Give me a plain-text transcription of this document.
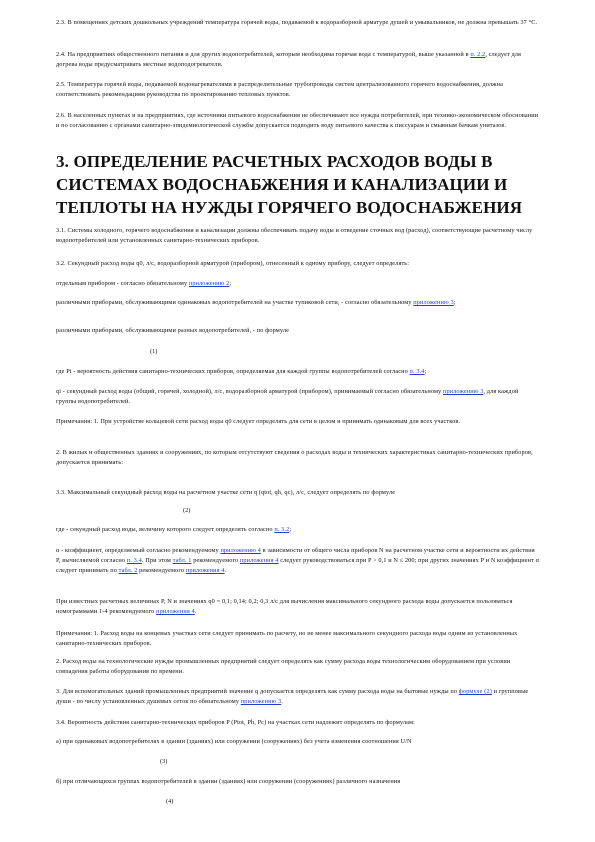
2.3. В помещениях детских дошкольных учреждений температура горячей воды, подаваемой к водоразборной арматуре душей и умывальников, не должна превышать 37 °С.
2.4. На предприятиях общественного питания и для других водопотребителей, которым необходима горячая вода с температурой, выше указанной в п. 2.2, следует для догрева воды предусматривать местные водоподогреватели.
2.5. Температура горячей воды, подаваемой водонагревателями в распределительные трубопроводы систем централизованного горячего водоснабжения, должна соответствовать рекомендациям руководства по проектированию тепловых пунктов.
2.6. В населенных пунктах и на предприятиях, где источники питьевого водоснабжения не обеспечивают все нужды потребителей, при технико-экономическом обосновании и по согласованию с органами санитарно-эпидемиологической службы допускается подводить воду питьевого качества к писсуарам и смывным бачкам унитазов.
3. ОПРЕДЕЛЕНИЕ РАСЧЕТНЫХ РАСХОДОВ ВОДЫ В СИСТЕМАХ ВОДОСНАБЖЕНИЯ И КАНАЛИЗАЦИИ И ТЕПЛОТЫ НА НУЖДЫ ГОРЯЧЕГО ВОДОСНАБЖЕНИЯ
3.1. Системы холодного, горячего водоснабжения и канализации должны обеспечивать подачу воды и отведение сточных вод (расход), соответствующие расчетному числу водопотребителей или установленных санитарно-технических приборов.
3.2. Секундный расход воды q0, л/с, водоразборной арматурой (прибором), отнесенный к одному прибору, следует определять:
отдельным прибором - согласно обязательному приложению 2;
различными приборами, обслуживающими одинаковых водопотребителей на участке тупиковой сети, - согласно обязательному приложению 3;
различными приборами, обслуживающими разных водопотребителей, - по формуле
(1)
где Pi - вероятность действия санитарно-технических приборов, определяемая для каждой группы водопотребителей согласно п. 3.4;
qi - секундный расход воды (общий, горячей, холодной), л/с, водоразборной арматурой (прибором), принимаемый согласно обязательному приложению 3, для каждой группы водопотребителей.
Примечания: 1. При устройстве кольцевой сети расход воды q0 следует определять для сети в целом и принимать одинаковым для всех участков.
2. В жилых и общественных зданиях и сооружениях, по которым отсутствуют сведения о расходах воды и технических характеристиках санитарно-технических приборов, допускается принимать:
3.3. Максимальный секундный расход воды на расчетном участке сети q (qtot, qh, qc), л/с, следует определять по формуле
(2)
где - секундный расход воды, величину которого следует определять согласно п. 3.2;
α - коэффициент, определяемый согласно рекомендуемому приложению 4 в зависимости от общего числа приборов N на расчетном участке сети и вероятности их действия P, вычисляемой согласно п. 3.4. При этом табл. 1 рекомендуемого приложения 4 следует руководствоваться при P > 0,1 и N ≤ 200; при других значениях P и N коэффициент α следует принимать по табл. 2 рекомендуемого приложения 4.
При известных расчетных величинах P, N и значениях q0 = 0,1; 0,14; 0,2; 0,3 л/с для вычисления максимального секундного расхода воды допускается пользоваться номограммами 1-4 рекомендуемого приложения 4.
Примечания: 1. Расход воды на концевых участках сети следует принимать по расчету, но не менее максимального секундного расхода воды одним из установленных санитарно-технических приборов.
2. Расход воды на технологические нужды промышленных предприятий следует определять как сумму расхода воды технологическим оборудованием при условии совпадения работы оборудования по времени.
3. Для вспомогательных зданий промышленных предприятий значение q допускается определять как сумму расхода воды на бытовые нужды по формуле (2) и групповые души - по числу установленных душевых сеток по обязательному приложению 3.
3.4. Вероятность действия санитарно-технических приборов P (Ptot, Ph, Pc) на участках сети надлежит определять по формулам:
а) при одинаковых водопотребителях в здании (зданиях) или сооружении (сооружениях) без учета изменения соотношения U/N
(3)
б) при отличающихся группах водопотребителей в здании (зданиях) или сооружении (сооружениях) различного назначения
(4)
